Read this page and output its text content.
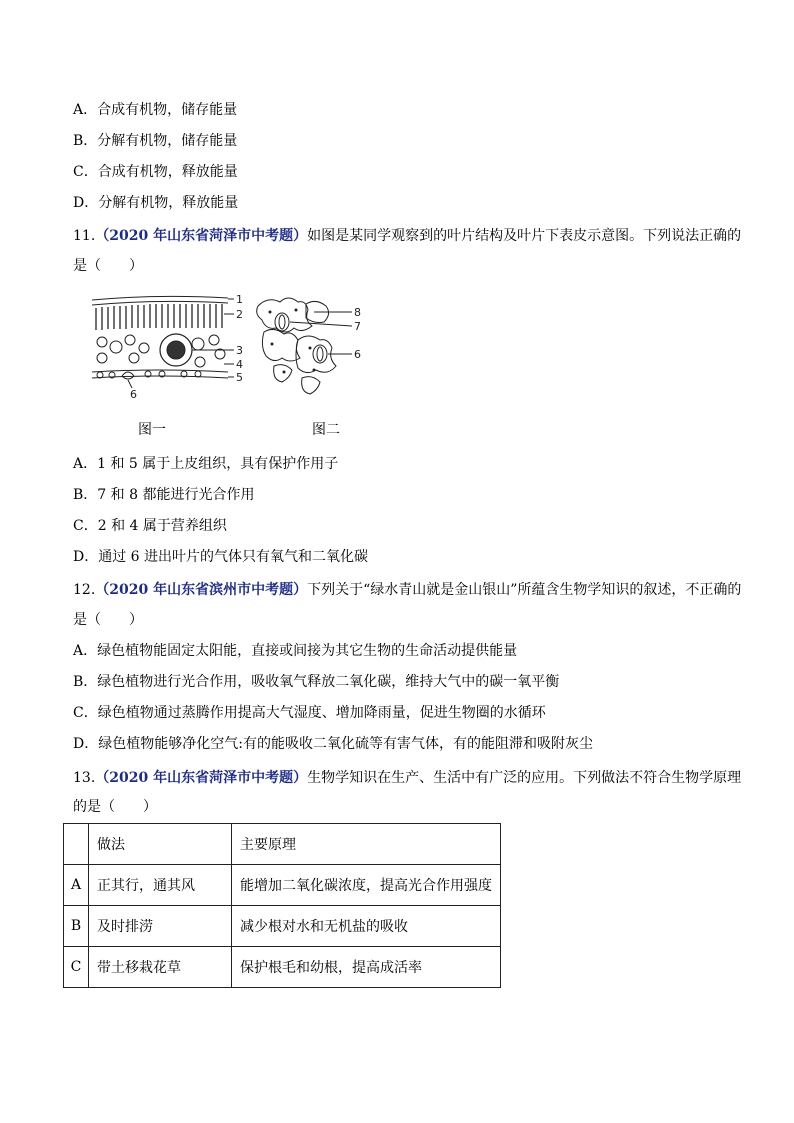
A．合成有机物，储存能量
B．分解有机物，储存能量
C．合成有机物，释放能量
D．分解有机物，释放能量
11.（2020 年山东省菏泽市中考题）如图是某同学观察到的叶片结构及叶片下表皮示意图。下列说法正确的
是（　　）
1
2
3
4
5
6
8
7
6
图一	图二
A．1 和 5 属于上皮组织，具有保护作用子
B．7 和 8 都能进行光合作用
C．2 和 4 属于营养组织
D．通过 6 进出叶片的气体只有氧气和二氧化碳
12.（2020 年山东省滨州市中考题）下列关于“绿水青山就是金山银山”所蕴含生物学知识的叙述，不正确的
是（　　）
A．绿色植物能固定太阳能，直接或间接为其它生物的生命活动提供能量
B．绿色植物进行光合作用，吸收氧气释放二氧化碳，维持大气中的碳一氧平衡
C．绿色植物通过蒸腾作用提高大气湿度、增加降雨量，促进生物圈的水循环
D．绿色植物能够净化空气:有的能吸收二氧化硫等有害气体，有的能阻滞和吸附灰尘
13.（2020 年山东省菏泽市中考题）生物学知识在生产、生活中有广泛的应用。下列做法不符合生物学原理
的是（　　）
	做法	主要原理
A	正其行，通其风	能增加二氧化碳浓度，提高光合作用强度
B	及时排涝	减少根对水和无机盐的吸收
C	带土移栽花草	保护根毛和幼根，提高成活率
